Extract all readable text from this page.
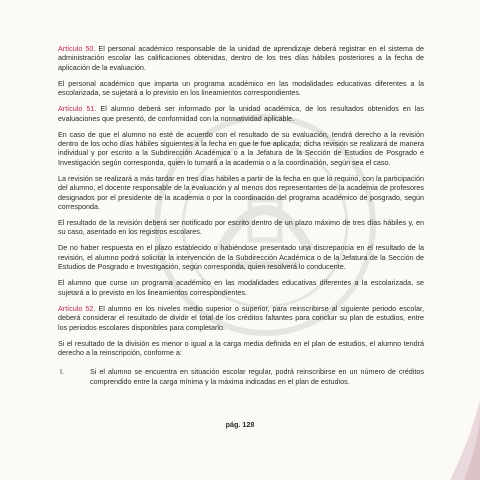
Artículo 50. El personal académico responsable de la unidad de aprendizaje deberá registrar en el sistema de administración escolar las calificaciones obtenidas, dentro de los tres días hábiles posteriores a la fecha de aplicación de la evaluación.

El personal académico que imparta un programa académico en las modalidades educativas diferentes a la escolarizada, se sujetará a lo previsto en los lineamientos correspondientes.

Artículo 51. El alumno deberá ser informado por la unidad académica, de los resultados obtenidos en las evaluaciones que presentó, de conformidad con la normatividad aplicable.

En caso de que el alumno no esté de acuerdo con el resultado de su evaluación, tendrá derecho a la revisión dentro de los ocho días hábiles siguientes a la fecha en que le fue aplicada; dicha revisión se realizará de manera individual y por escrito a la Subdirección Académica o a la Jefatura de la Sección de Estudios de Posgrado e Investigación según corresponda, quien lo turnará a la academia o a la coordinación, según sea el caso.

La revisión se realizará a más tardar en tres días hábiles a partir de la fecha en que lo requirió, con la participación del alumno, el docente responsable de la evaluación y al menos dos representantes de la academia de profesores designados por el presidente de la academia o por la coordinación del programa académico de posgrado, según corresponda.

El resultado de la revisión deberá ser notificado por escrito dentro de un plazo máximo de tres días hábiles y, en su caso, asentado en los registros escolares.

De no haber respuesta en el plazo establecido o habiéndose presentado una discrepancia en el resultado de la revisión, el alumno podrá solicitar la intervención de la Subdirección Académica o de la Jefatura de la Sección de Estudios de Posgrado e Investigación, según corresponda, quien resolverá lo conducente.

El alumno que curse un programa académico en las modalidades educativas diferentes a la escolarizada, se sujetará a lo previsto en los lineamientos correspondientes.

Artículo 52. El alumno en los niveles medio superior o superior, para reinscribirse al siguiente periodo escolar, deberá considerar el resultado de dividir el total de los créditos faltantes para concluir su plan de estudios, entre los periodos escolares disponibles para completarlo.

Si el resultado de la división es menor o igual a la carga media definida en el plan de estudios, el alumno tendrá derecho a la reinscripción, conforme a:

I.	Si el alumno se encuentra en situación escolar regular, podrá reinscribirse en un número de créditos comprendido entre la carga mínima y la máxima indicadas en el plan de estudios.
pág. 128
